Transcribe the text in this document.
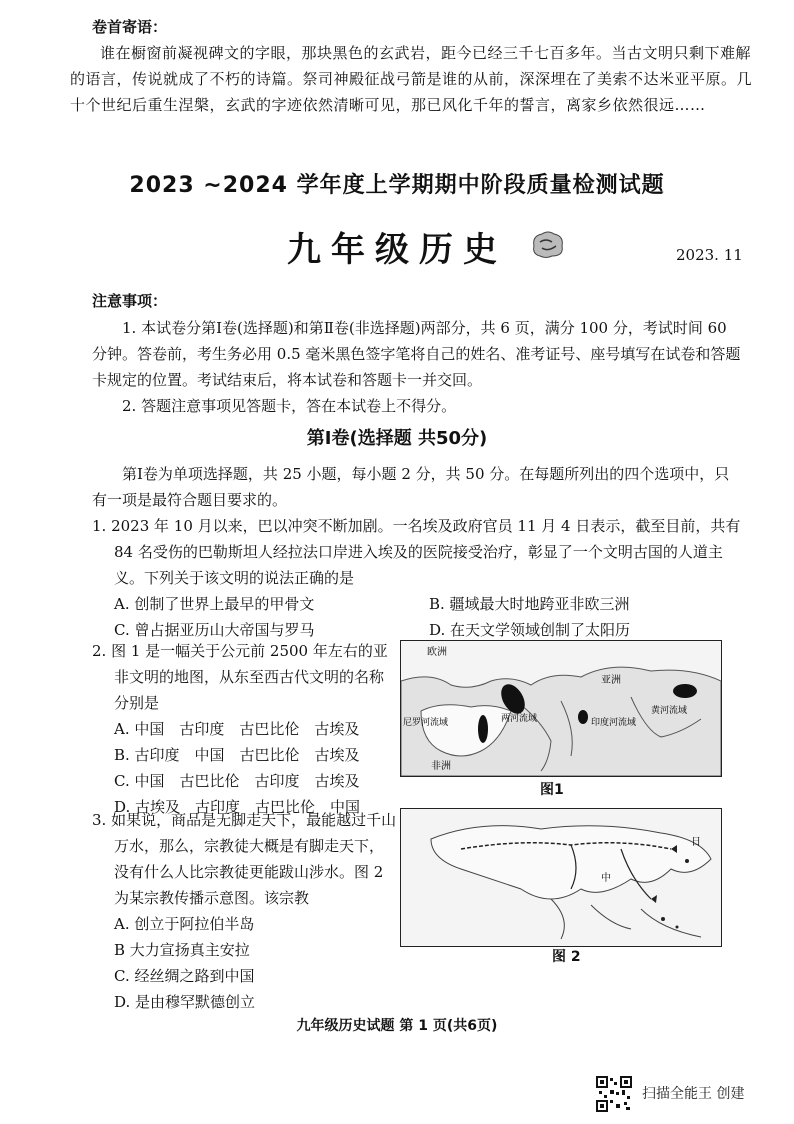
卷首寄语：
谁在橱窗前凝视碑文的字眼，那块黑色的玄武岩，距今已经三千七百多年。当古文明只剩下难解的语言，传说就成了不朽的诗篇。祭司神殿征战弓箭是谁的从前，深深埋在了美索不达米亚平原。几十个世纪后重生涅槃，玄武的字迹依然清晰可见，那已风化千年的誓言，离家乡依然很远……
2023 ~2024 学年度上学期期中阶段质量检测试题
九年级历史	2023. 11
注意事项：
1. 本试卷分第Ⅰ卷(选择题)和第Ⅱ卷(非选择题)两部分，共 6 页，满分 100 分，考试时间 60 分钟。答卷前，考生务必用 0.5 毫米黑色签字笔将自己的姓名、准考证号、座号填写在试卷和答题卡规定的位置。考试结束后，将本试卷和答题卡一并交回。
2. 答题注意事项见答题卡，答在本试卷上不得分。
第Ⅰ卷(选择题 共50分)
第Ⅰ卷为单项选择题，共 25 小题，每小题 2 分，共 50 分。在每题所列出的四个选项中，只有一项是最符合题目要求的。
1. 2023 年 10 月以来，巴以冲突不断加剧。一名埃及政府官员 11 月 4 日表示，截至目前，共有 84 名受伤的巴勒斯坦人经拉法口岸进入埃及的医院接受治疗，彰显了一个文明古国的人道主义。下列关于该文明的说法正确的是
A. 创制了世界上最早的甲骨文	B. 疆域最大时地跨亚非欧三洲
C. 曾占据亚历山大帝国与罗马	D. 在天文学领域创制了太阳历
2. 图 1 是一幅关于公元前 2500 年左右的亚非文明的地图，从东至西古代文明的名称分别是
A. 中国　古印度　古巴比伦　古埃及
B. 古印度　中国　古巴比伦　古埃及
C. 中国　古巴比伦　古印度　古埃及
D. 古埃及　古印度　古巴比伦　中国
欧洲
亚洲
非洲
尼罗河流域	两河流域	印度河流域
黄河流域
图1
3. 如果说，商品是无脚走天下，最能越过千山万水，那么，宗教徒大概是有脚走天下，没有什么人比宗教徒更能跋山涉水。图 2 为某宗教传播示意图。该宗教
A. 创立于阿拉伯半岛
B 大力宣扬真主安拉
C. 经丝绸之路到中国
D. 是由穆罕默德创立
中
日
图 2
九年级历史试题 第 1 页(共6页)
扫描全能王 创建
